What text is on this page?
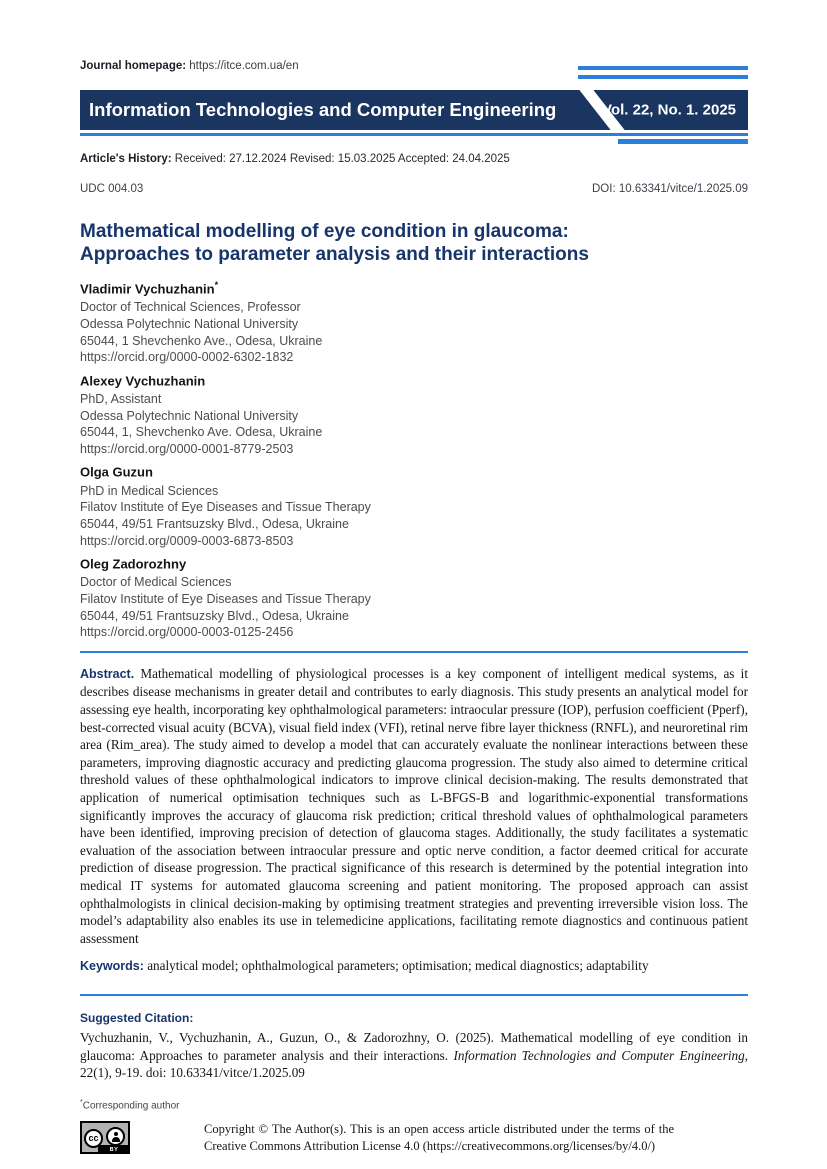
Journal homepage: https://itce.com.ua/en
Information Technologies and Computer Engineering	Vol. 22, No. 1. 2025
Article's History: Received: 27.12.2024 Revised: 15.03.2025 Accepted: 24.04.2025
UDC 004.03	DOI: 10.63341/vitce/1.2025.09
Mathematical modelling of eye condition in glaucoma:
Approaches to parameter analysis and their interactions
Vladimir Vychuzhanin*
Doctor of Technical Sciences, Professor
Odessa Polytechnic National University
65044, 1 Shevchenko Ave., Odesa, Ukraine
https://orcid.org/0000-0002-6302-1832
Alexey Vychuzhanin
PhD, Assistant
Odessa Polytechnic National University
65044, 1, Shevchenko Ave. Odesa, Ukraine
https://orcid.org/0000-0001-8779-2503
Olga Guzun
PhD in Medical Sciences
Filatov Institute of Eye Diseases and Tissue Therapy
65044, 49/51 Frantsuzsky Blvd., Odesa, Ukraine
https://orcid.org/0009-0003-6873-8503
Oleg Zadorozhny
Doctor of Medical Sciences
Filatov Institute of Eye Diseases and Tissue Therapy
65044, 49/51 Frantsuzsky Blvd., Odesa, Ukraine
https://orcid.org/0000-0003-0125-2456

Abstract. Mathematical modelling of physiological processes is a key component of intelligent medical systems, as it describes disease mechanisms in greater detail and contributes to early diagnosis. This study presents an analytical model for assessing eye health, incorporating key ophthalmological parameters: intraocular pressure (IOP), perfusion coefficient (Pperf), best-corrected visual acuity (BCVA), visual field index (VFI), retinal nerve fibre layer thickness (RNFL), and neuroretinal rim area (Rim_area). The study aimed to develop a model that can accurately evaluate the nonlinear interactions between these parameters, improving diagnostic accuracy and predicting glaucoma progression. The study also aimed to determine critical threshold values of these ophthalmological indicators to improve clinical decision-making. The results demonstrated that application of numerical optimisation techniques such as L-BFGS-B and logarithmic-exponential transformations significantly improves the accuracy of glaucoma risk prediction; critical threshold values of ophthalmological parameters have been identified, improving precision of detection of glaucoma stages. Additionally, the study facilitates a systematic evaluation of the association between intraocular pressure and optic nerve condition, a factor deemed critical for accurate prediction of disease progression. The practical significance of this research is determined by the potential integration into medical IT systems for automated glaucoma screening and patient monitoring. The proposed approach can assist ophthalmologists in clinical decision-making by optimising treatment strategies and preventing irreversible vision loss. The model’s adaptability also enables its use in telemedicine applications, facilitating remote diagnostics and continuous patient assessment

Keywords: analytical model; ophthalmological parameters; optimisation; medical diagnostics; adaptability

Suggested Citation:

Vychuzhanin, V., Vychuzhanin, A., Guzun, O., & Zadorozhny, O. (2025). Mathematical modelling of eye condition in glaucoma: Approaches to parameter analysis and their interactions. Information Technologies and Computer Engineering, 22(1), 9-19. doi: 10.63341/vitce/1.2025.09

*Corresponding author
BY
cc

Copyright © The Author(s). This is an open access article distributed under the terms of the Creative Commons Attribution License 4.0 (https://creativecommons.org/licenses/by/4.0/)
